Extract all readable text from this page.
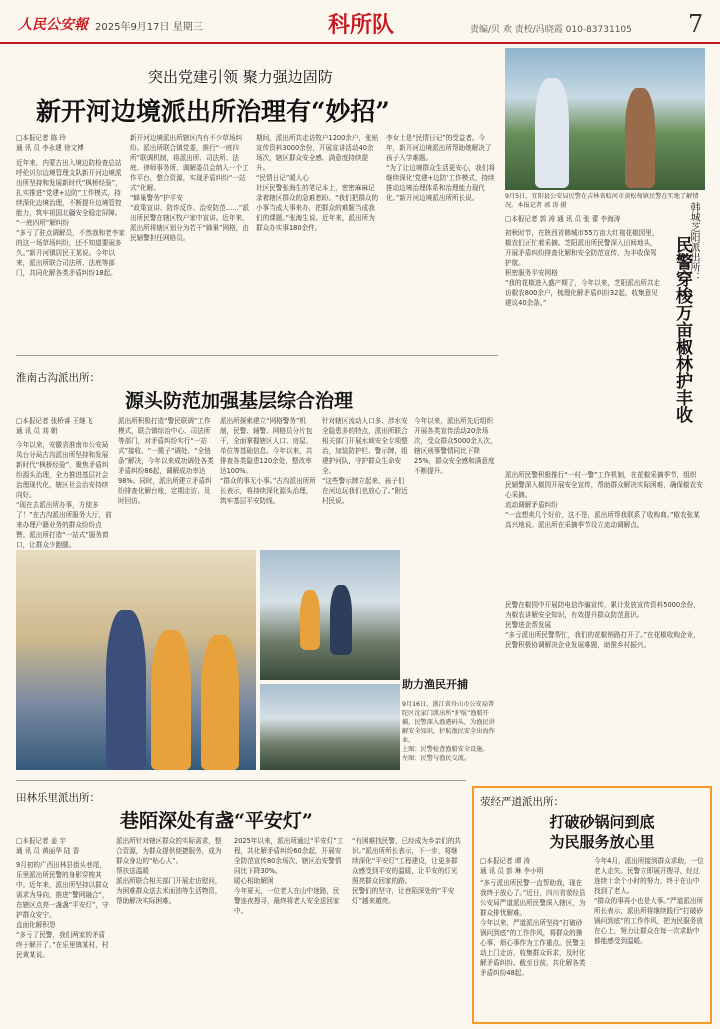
人民公安報 2025年9月17日 星期三	科所队	责编/贝 欢 责校/冯晓霞 010-83731105 7
突出党建引领 聚力强边固防
新开河边境派出所治理有“妙招”
□本报记者 陈 玲
通 讯 员 李永建 徐文博
近年来，内蒙古出入境边防检查总站呼伦贝尔边境管理支队新开河边境派出所坚持和发展新时代“枫桥经验”，扎实推进“党建+边防”工作模式，持续深化边境治理，不断提升边境管控能力，筑牢祖国北疆安全稳定屏障。
“一庭四所”解纠纷
“多亏了驻点调解员，不然我和老李家的这一场草场纠纷，还不知道要闹多久。”新开河镇居民王某说。今年以来，派出所联合司法所、法庭等部门，共同化解各类矛盾纠纷18起。
新开河边境派出所辖区内有不少草场纠纷。派出所联合镇党委，推行“一庭四所”联调机制，将派出所、司法所、法庭、律师事务所、调解委员会纳入一个工作平台，整合资源，实现矛盾纠纷“一站式”化解。
“蜂巢警务”护平安
“政策宣讲、防诈反诈、治安防范……”派出所民警在辖区牧户家中宣讲。近年来，派出所将辖区划分为若干“蜂巢”网格，由民辅警担任网格员。
期间，派出所共走访牧户1200余户，张贴宣传资料3000余份，开展宣讲活动40余场次，辖区群众安全感、满意度持续提升。
“民情日记”暖人心
社区民警张海生的笔记本上，密密麻麻记录着辖区群众的急难愁盼。“我们把群众的小事当成大事来办，把群众的难题当成我们的课题。”张海生说。近年来，派出所为群众办实事180余件。
李女士是“民情日记”的受益者。今年，新开河边境派出所帮助她解决了孩子入学难题。
“为了让边境群众生活更安心，我们将继续深化‘党建+边防’工作模式，持续推动边境治理体系和治理能力现代化。”新开河边境派出所所长说。	9月5日，宜阳县公安局民警在吉林省蛟河市黄松甸镇民警在实地了解情况。本报记者 郭 涛 摄
□本报记者 郭 涛 通 讯 员 张 蕾 李海涛	韩城芝阳派出所：
民警穿梭万亩椒林护丰收
初秋时节，在陕西省韩城市55万亩大红袍花椒园里，椒农们正忙着采摘。芝阳派出所民警深入田间地头，开展矛盾纠纷排查化解和安全防范宣传，为丰收保驾护航。
积密服务平安网格
“我的花椒进入盛产期了，今年以来，芝阳派出所共走访椒农800余户，梳理化解矛盾纠纷32起，收集意见建议40余条。”
派出所民警积极推行“一村一警”工作机制，在花椒采摘季节，组织民辅警深入椒园开展安全宣传，帮助群众解决实际困难，确保椒农安心采摘。
流动调解矛盾纠纷
“一直想卖几个好价，这不是，派出所帮我联系了收购商。”椒农张某高兴地说。派出所在采摘季节设立流动调解点。
民警在椒园中开展防电信诈骗宣传，累计发放宣传资料5000余份，为椒农讲解安全知识，有效提升群众防范意识。
民警进企帮发展
“多亏派出所民警帮忙，我们的花椒销路打开了。”在花椒收购企业，民警积极协调解决企业发展难题，助推乡村振兴。
淮南古沟派出所：
源头防范加强基层综合治理
□本报记者 张桥睿 王继飞
通 讯 员 刘 朝
今年以来，安徽省淮南市公安局凤台分局古沟派出所坚持和发展新时代“枫桥经验”，聚焦矛盾纠纷源头治理，全力推进基层社会治理现代化，辖区社会治安持续向好。
“现在去派出所办事，方便多了！”在古沟派出所服务大厅，前来办理户籍业务的群众纷纷点赞。派出所打造“一站式”服务窗口，让群众少跑腿。
派出所积极打造“警民联调”工作模式，联合镇综治中心、司法所等部门，对矛盾纠纷实行“一站式”接收、“一揽子”调处、“全链条”解决，今年以来成功调处各类矛盾纠纷86起，调解成功率达98%。同时，派出所建立矛盾纠纷排查化解台账，定期走访、及时回访。
派出所探索建立“网格警务”机制，民警、辅警、网格员分片包干，全面掌握辖区人口、房屋、单位等基础信息。今年以来，共排查各类隐患120余处，整改率达100%。
“群众的事无小事。”古沟派出所所长表示，将持续深化源头治理，筑牢基层平安防线。
针对辖区流动人口多、涉水安全隐患多的特点，派出所联合相关部门开展水域安全专项整治，加装防护栏、警示牌，组建护河队，守护群众生命安全。
“这些警示牌立起来，孩子们在河边玩我们也放心了。”附近村民说。
今年以来，派出所先后组织开展各类宣传活动20余场次，受众群众5000余人次，辖区刑事警情同比下降25%，群众安全感和满意度不断提升。
助力渔民开捕
9月16日，浙江省舟山市公安局普陀区沈家门派出所“护航”渔船开捕，民警深入渔港码头，为渔民讲解安全知识，护航渔民安全出海作业。
上图：民警检查渔船安全设施。
左图：民警与渔民交流。
田林乐里派出所：
巷陌深处有盏“平安灯”
□本报记者 姜 宇
通 讯 员 黄丽华 陆 香
9月初的广西田林县街头巷尾，乐里派出所民警的身影穿梭其中。近年来，派出所坚持以群众需求为导向，推进“警网融合”，在辖区点亮一盏盏“平安灯”，守护群众安宁。
直面化解积怨
“多亏了民警，我们两家的矛盾终于解开了。”在乐里镇某村，村民黄某说。
派出所针对辖区群众的实际需求，整合资源，为群众提供便捷服务，成为群众身边的“贴心人”。
帮扶送温暖
派出所联合相关部门开展走访慰问，为困难群众送去米面油等生活物资，帮助解决实际困难。
2025年以来，派出所通过“平安灯”工程，共化解矛盾纠纷60余起，开展安全防范宣传80余场次，辖区治安警情同比下降30%。
暖心相助解困
今年夏天，一位老人在山中迷路，民警连夜搜寻，最终将老人安全送回家中。
“有困难找民警，已经成为乡亲们的共识。”派出所所长表示，下一步，将继续深化“平安灯”工程建设，让更多群众感受到平安的温暖，让平安的灯光照亮群众回家的路。
民警们的坚守，让巷陌深处的“平安灯”越来越亮。
荥经严道派出所：
打破砂锅问到底
为民服务放心里
□本报记者 谭 涛
通 讯 员 彭 琳 李小明
“多亏派出所民警一直帮助我，现在我终于放心了。”近日，四川省荥经县公安局严道派出所民警深入辖区，为群众排忧解难。
今年以来，严道派出所坚持“打破砂锅问到底”的工作作风，将群众的操心事、烦心事作为工作重点。民警主动上门走访，收集群众诉求，及时化解矛盾纠纷。截至目前，共化解各类矛盾纠纷48起。
今年4月，派出所接到群众求助，一位老人走失。民警立即展开搜寻，经过连续十余个小时的努力，终于在山中找到了老人。
“群众的事再小也是大事。”严道派出所所长表示，派出所将继续践行“打破砂锅问到底”的工作作风，把为民服务放在心上，努力让群众在每一次求助中都能感受到温暖。
